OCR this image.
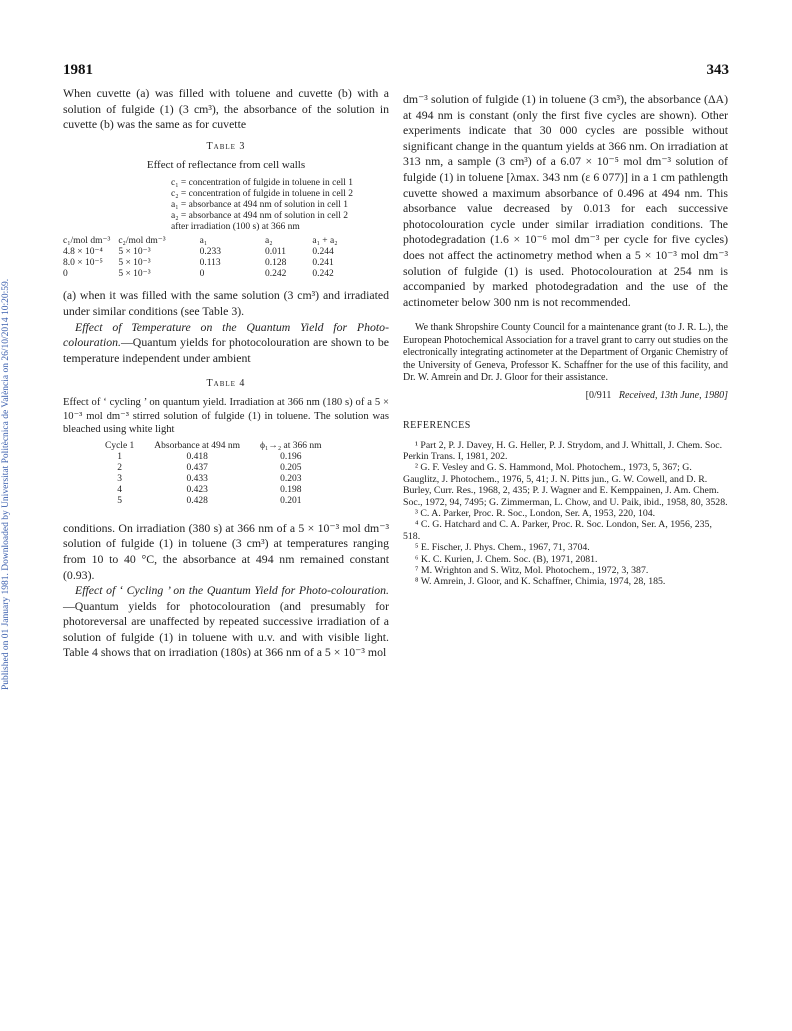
Published on 01 January 1981. Downloaded by Universitat Politècnica de València on 26/10/2014 10:20:59.
1981	343

When cuvette (a) was filled with toluene and cuvette (b) with a solution of fulgide (1) (3 cm³), the absorbance of the solution in cuvette (b) was the same as for cuvette

Table 3
Effect of reflectance from cell walls
c₁ = concentration of fulgide in toluene in cell 1
c₂ = concentration of fulgide in toluene in cell 2
a₁ = absorbance at 494 nm of solution in cell 1
a₂ = absorbance at 494 nm of solution in cell 2
after irradiation (100 s) at 366 nm
c₁/mol dm⁻³	c₂/mol dm⁻³	a₁	a₂	a₁ + a₂
4.8 × 10⁻⁴	5 × 10⁻³	0.233	0.011	0.244
8.0 × 10⁻⁵	5 × 10⁻³	0.113	0.128	0.241
0	5 × 10⁻³	0	0.242	0.242

(a) when it was filled with the same solution (3 cm³) and irradiated under similar conditions (see Table 3).

Effect of Temperature on the Quantum Yield for Photo-colouration.—Quantum yields for photocolouration are shown to be temperature independent under ambient

Table 4
Effect of ‘ cycling ’ on quantum yield. Irradiation at 366 nm (180 s) of a 5 × 10⁻³ mol dm⁻³ stirred solution of fulgide (1) in toluene. The solution was bleached using white light
Cycle 1	Absorbance at 494 nm	ϕ₁→₂ at 366 nm
1	0.418	0.196
2	0.437	0.205
3	0.433	0.203
4	0.423	0.198
5	0.428	0.201

conditions. On irradiation (380 s) at 366 nm of a 5 × 10⁻³ mol dm⁻³ solution of fulgide (1) in toluene (3 cm³) at temperatures ranging from 10 to 40 °C, the absorbance at 494 nm remained constant (0.93).

Effect of ‘ Cycling ’ on the Quantum Yield for Photo-colouration.—Quantum yields for photocolouration (and presumably for photoreversal are unaffected by repeated successive irradiation of a solution of fulgide (1) in toluene with u.v. and with visible light. Table 4 shows that on irradiation (180s) at 366 nm of a 5 × 10⁻³ mol

dm⁻³ solution of fulgide (1) in toluene (3 cm³), the absorbance (ΔA) at 494 nm is constant (only the first five cycles are shown). Other experiments indicate that 30 000 cycles are possible without significant change in the quantum yields at 366 nm. On irradiation at 313 nm, a sample (3 cm³) of a 6.07 × 10⁻⁵ mol dm⁻³ solution of fulgide (1) in toluene [λmax. 343 nm (ε 6 077)] in a 1 cm pathlength cuvette showed a maximum absorbance of 0.496 at 494 nm. This absorbance value decreased by 0.013 for each successive photocolouration cycle under similar irradiation conditions. The photodegradation (1.6 × 10⁻⁶ mol dm⁻³ per cycle for five cycles) does not affect the actinometry method when a 5 × 10⁻³ mol dm⁻³ solution of fulgide (1) is used. Photocolouration at 254 nm is accompanied by marked photodegradation and the use of the actinometer below 300 nm is not recommended.

We thank Shropshire County Council for a maintenance grant (to J. R. L.), the European Photochemical Association for a travel grant to carry out studies on the electronically integrating actinometer at the Department of Organic Chemistry of the University of Geneva, Professor K. Schaffner for the use of this facility, and Dr. W. Amrein and Dr. J. Gloor for their assistance.

[0/911 Received, 13th June, 1980]
REFERENCES

¹ Part 2, P. J. Davey, H. G. Heller, P. J. Strydom, and J. Whittall, J. Chem. Soc. Perkin Trans. I, 1981, 202.

² G. F. Vesley and G. S. Hammond, Mol. Photochem., 1973, 5, 367; G. Gauglitz, J. Photochem., 1976, 5, 41; J. N. Pitts jun., G. W. Cowell, and D. R. Burley, Curr. Res., 1968, 2, 435; P. J. Wagner and E. Kemppainen, J. Am. Chem. Soc., 1972, 94, 7495; G. Zimmerman, L. Chow, and U. Paik, ibid., 1958, 80, 3528.

³ C. A. Parker, Proc. R. Soc., London, Ser. A, 1953, 220, 104.

⁴ C. G. Hatchard and C. A. Parker, Proc. R. Soc. London, Ser. A, 1956, 235, 518.

⁵ E. Fischer, J. Phys. Chem., 1967, 71, 3704.

⁶ K. C. Kurien, J. Chem. Soc. (B), 1971, 2081.

⁷ M. Wrighton and S. Witz, Mol. Photochem., 1972, 3, 387.

⁸ W. Amrein, J. Gloor, and K. Schaffner, Chimia, 1974, 28, 185.
